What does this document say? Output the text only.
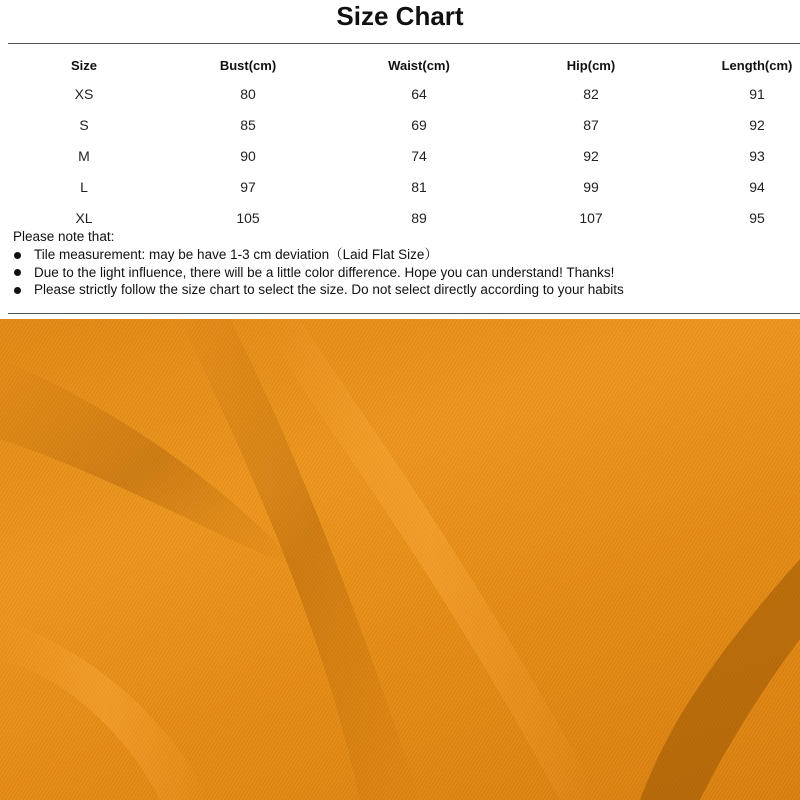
Size Chart
Size	Bust(cm)	Waist(cm)	Hip(cm)	Length(cm)
XS	80	64	82	91
S	85	69	87	92
M	90	74	92	93
L	97	81	99	94
XL	105	89	107	95
Please note that:
Tile measurement: may be have 1-3 cm deviation（Laid Flat Size）
Due to the light influence, there will be a little color difference. Hope you can understand! Thanks!
Please strictly follow the size chart to select the size. Do not select directly according to your habits
